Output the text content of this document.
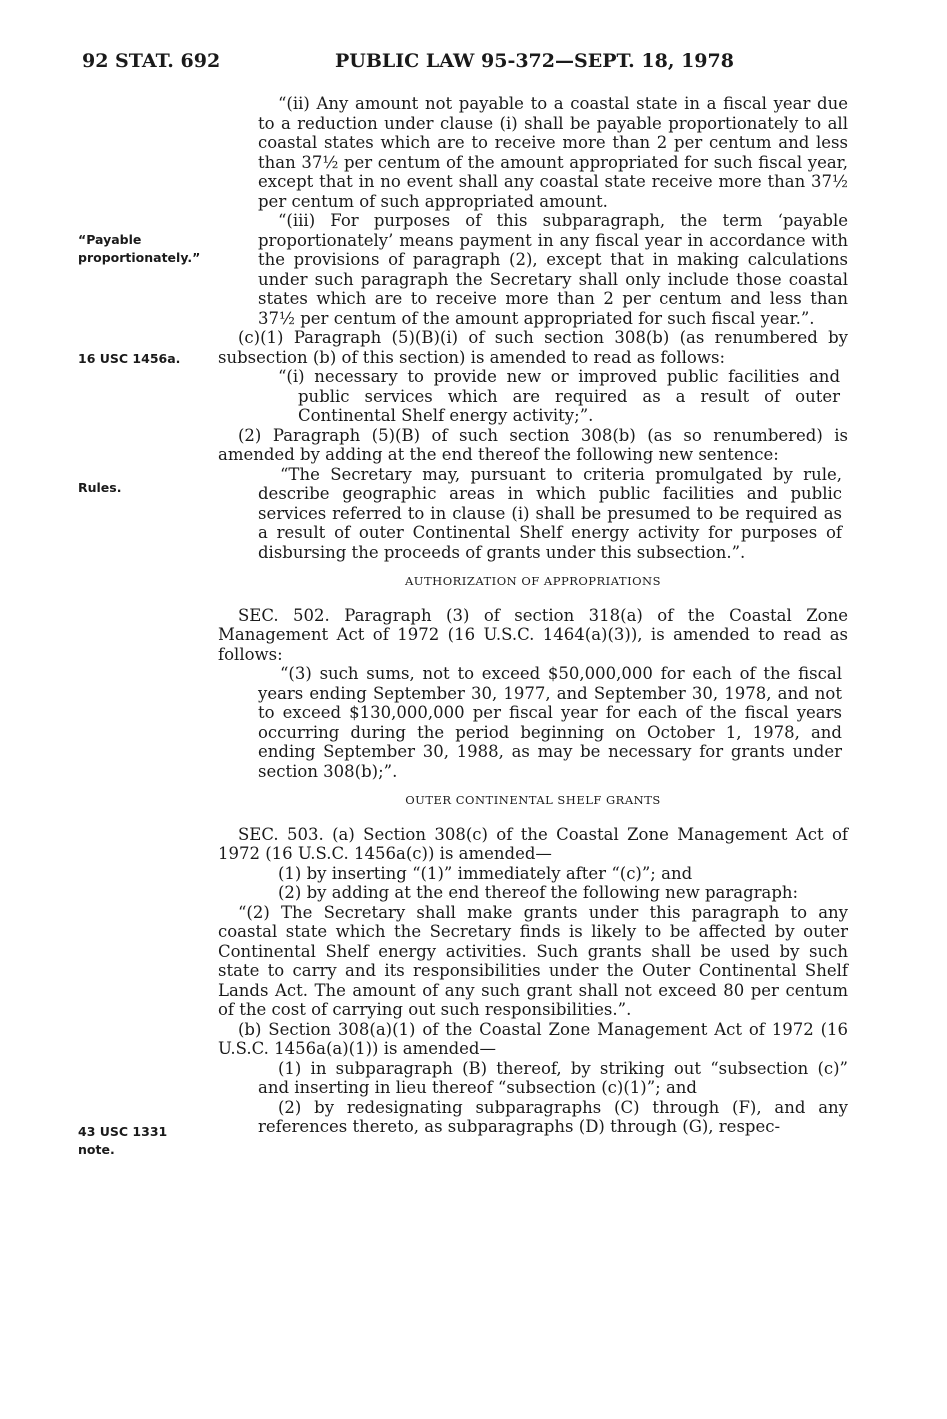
92 STAT. 692	PUBLIC LAW 95-372—SEPT. 18, 1978
“Payable
proportionately.”
16 USC 1456a.
Rules.
43 USC 1331
note.

“(ii) Any amount not payable to a coastal state in a fiscal year due to a reduction under clause (i) shall be payable proportionately to all coastal states which are to receive more than 2 per centum and less than 37½ per centum of the amount appropriated for such fiscal year, except that in no event shall any coastal state receive more than 37½ per centum of such appropriated amount.

“(iii) For purposes of this subparagraph, the term ‘payable proportionately’ means payment in any fiscal year in accordance with the provisions of paragraph (2), except that in making calculations under such paragraph the Secretary shall only include those coastal states which are to receive more than 2 per centum and less than 37½ per centum of the amount appropriated for such fiscal year.”.

(c)(1) Paragraph (5)(B)(i) of such section 308(b) (as renumbered by subsection (b) of this section) is amended to read as follows:

“(i) necessary to provide new or improved public facilities and public services which are required as a result of outer Continental Shelf energy activity;”.

(2) Paragraph (5)(B) of such section 308(b) (as so renumbered) is amended by adding at the end thereof the following new sentence:

“The Secretary may, pursuant to criteria promulgated by rule, describe geographic areas in which public facilities and public services referred to in clause (i) shall be presumed to be required as a result of outer Continental Shelf energy activity for purposes of disbursing the proceeds of grants under this subsection.”.

AUTHORIZATION OF APPROPRIATIONS

SEC. 502. Paragraph (3) of section 318(a) of the Coastal Zone Management Act of 1972 (16 U.S.C. 1464(a)(3)), is amended to read as follows:

“(3) such sums, not to exceed $50,000,000 for each of the fiscal years ending September 30, 1977, and September 30, 1978, and not to exceed $130,000,000 per fiscal year for each of the fiscal years occurring during the period beginning on October 1, 1978, and ending September 30, 1988, as may be necessary for grants under section 308(b);”.

OUTER CONTINENTAL SHELF GRANTS

SEC. 503. (a) Section 308(c) of the Coastal Zone Management Act of 1972 (16 U.S.C. 1456a(c)) is amended—

(1) by inserting “(1)” immediately after “(c)”; and

(2) by adding at the end thereof the following new paragraph:

“(2) The Secretary shall make grants under this paragraph to any coastal state which the Secretary finds is likely to be affected by outer Continental Shelf energy activities. Such grants shall be used by such state to carry and its responsibilities under the Outer Continental Shelf Lands Act. The amount of any such grant shall not exceed 80 per centum of the cost of carrying out such responsibilities.”.

(b) Section 308(a)(1) of the Coastal Zone Management Act of 1972 (16 U.S.C. 1456a(a)(1)) is amended—

(1) in subparagraph (B) thereof, by striking out “subsection (c)” and inserting in lieu thereof “subsection (c)(1)”; and

(2) by redesignating subparagraphs (C) through (F), and any references thereto, as subparagraphs (D) through (G), respec-
